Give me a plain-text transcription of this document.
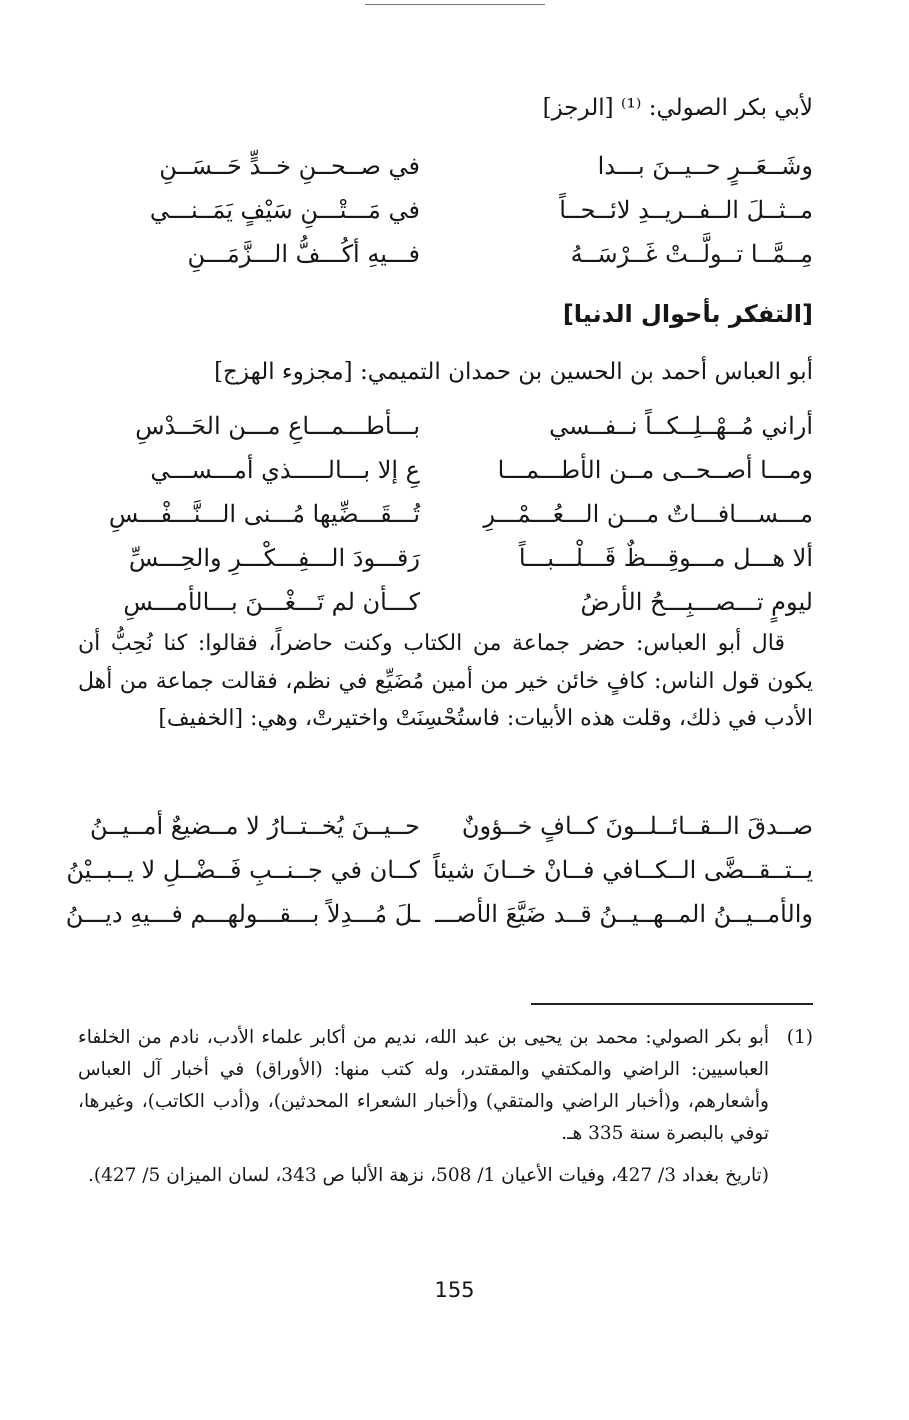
لأبي بكر الصولي: ⁽¹⁾ [الرجز]
وشَــعَــرٍ حــيــنَ بـــدا
في صــحــنِ خــدٍّ حَــسَــنِ
مــثــلَ الــفــريــدِ لائــحــاً
في مَـــتْـــنِ سَيْفٍ يَمَــنـــي
مِــمَّــا تــولَّــتْ غَــرْسَــهُ
فـــيهِ أكُـــفُّ الـــزَّمَـــنِ
[التفكر بأحوال الدنيا]
أبو العباس أحمد بن الحسين بن حمدان التميمي: [مجزوء الهزج]
أراني مُــهْــلِــكــاً نــفــسي
بـــأطـــمـــاعِ مـــن الحَــدْسِ
ومـــا أصــحــى مــن الأطـــمـــا
عِ إلا بـــالـــــذي أمـــســـي
مـــســـافـــاتٌ مـــن الـــعُـــمْـــرِ
تُـــقَـــضِّيها مُـــنى الـــنَّـــفْـــسِ
ألا هـــل مـــوقِـــظٌ قَـــلْـــبـــاً
رَقـــودَ الـــفِـــكْـــرِ والحِـــسِّ
ليومٍ تـــصـــبِـــحُ الأرضُ
كـــأن لم تَـــغْـــنَ بـــالأمـــسِ
قال أبو العباس: حضر جماعة من الكتاب وكنت حاضراً، فقالوا: كنا نُحِبُّ أن يكون قول الناس: كافٍ خائن خير من أمين مُضَيِّع في نظم، فقالت جماعة من أهل الأدب في ذلك، وقلت هذه الأبيات: فاستُحْسِنَتْ واختيرتْ، وهي: [الخفيف]
صــدقَ الــقــائــلــونَ كــافٍ خــؤونٌ
حــيــنَ يُخــتــارُ لا مــضيعٌ أمــيــنُ
يــتــقــضَّى الــكــافي فــانْ خــانَ شيئاً
كــان في جــنــبِ فَــضْــلِ لا يــبــيْنُ
والأمــيــنُ المــهــيــنُ قــد ضَيَّعَ الأصـــ
ـلَ مُـــدِلاً بـــقـــولهـــم فـــيهِ ديـــنُ
(1)
أبو بكر الصولي: محمد بن يحيى بن عبد الله، نديم من أكابر علماء الأدب، نادم من الخلفاء العباسيين: الراضي والمكتفي والمقتدر، وله كتب منها: (الأوراق) في أخبار آل العباس وأشعارهم، و(أخبار الراضي والمتقي) و(أخبار الشعراء المحدثين)، و(أدب الكاتب)، وغيرها، توفي بالبصرة سنة 335 هـ.
(تاريخ بغداد 3/ 427، وفيات الأعيان 1/ 508، نزهة الألبا ص 343، لسان الميزان 5/ 427).
155
